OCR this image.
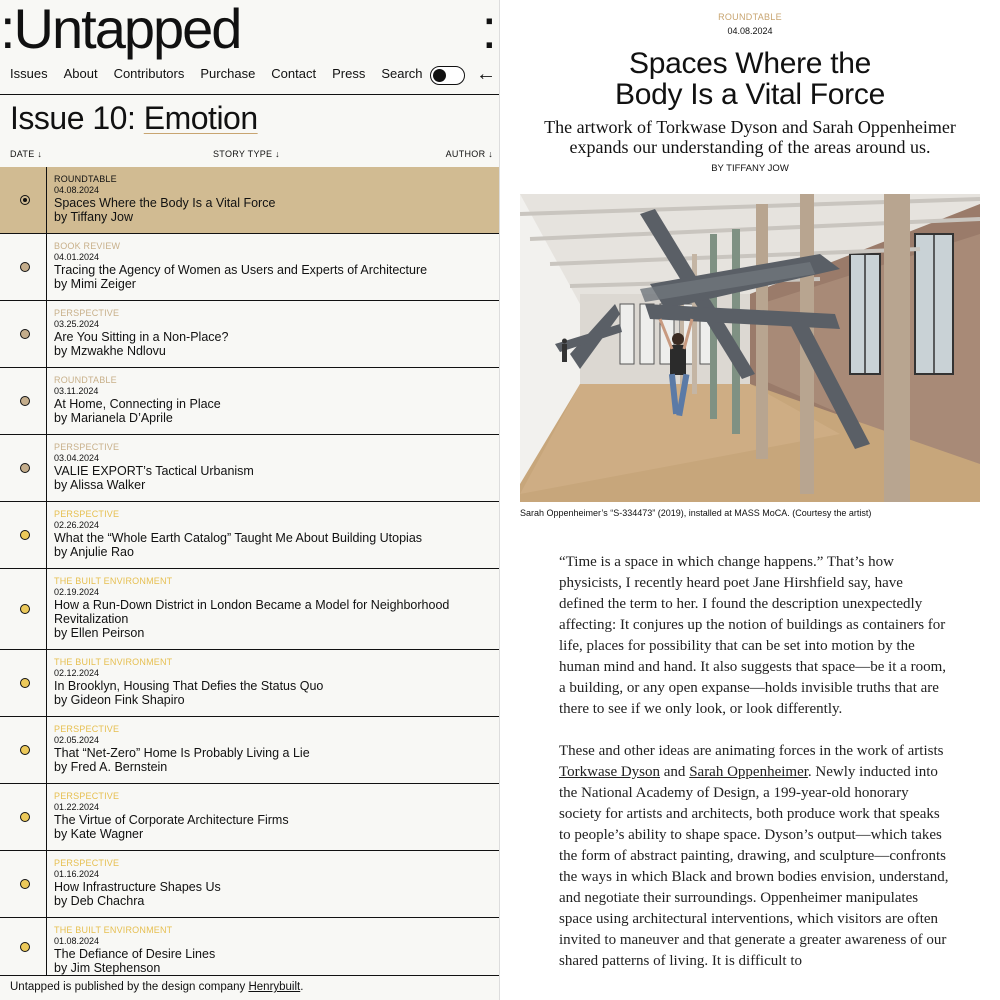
:Untapped	:
Issues About Contributors Purchase Contact Press Search	←
Issue 10: Emotion
DATE ↓	STORY TYPE ↓	AUTHOR ↓
ROUNDTABLE
04.08.2024
Spaces Where the Body Is a Vital Force
by Tiffany Jow
BOOK REVIEW
04.01.2024
Tracing the Agency of Women as Users and Experts of Architecture
by Mimi Zeiger
PERSPECTIVE
03.25.2024
Are You Sitting in a Non-Place?
by Mzwakhe Ndlovu
ROUNDTABLE
03.11.2024
At Home, Connecting in Place
by Marianela D’Aprile
PERSPECTIVE
03.04.2024
VALIE EXPORT’s Tactical Urbanism
by Alissa Walker
PERSPECTIVE
02.26.2024
What the “Whole Earth Catalog” Taught Me About Building Utopias
by Anjulie Rao
THE BUILT ENVIRONMENT
02.19.2024
How a Run-Down District in London Became a Model for Neighborhood Revitalization
by Ellen Peirson
THE BUILT ENVIRONMENT
02.12.2024
In Brooklyn, Housing That Defies the Status Quo
by Gideon Fink Shapiro
PERSPECTIVE
02.05.2024
That “Net-Zero” Home Is Probably Living a Lie
by Fred A. Bernstein
PERSPECTIVE
01.22.2024
The Virtue of Corporate Architecture Firms
by Kate Wagner
PERSPECTIVE
01.16.2024
How Infrastructure Shapes Us
by Deb Chachra
THE BUILT ENVIRONMENT
01.08.2024
The Defiance of Desire Lines
by Jim Stephenson
Untapped is published by the design company Henrybuilt.
ROUNDTABLE
04.08.2024
Spaces Where the
Body Is a Vital Force
The artwork of Torkwase Dyson and Sarah Oppenheimer expands our understanding of the areas around us.
BY TIFFANY JOW
Sarah Oppenheimer’s “S-334473” (2019), installed at MASS MoCA. (Courtesy the artist)

“Time is a space in which change happens.” That’s how physicists, I recently heard poet Jane Hirshfield say, have defined the term to her. I found the description unexpectedly affecting: It conjures up the notion of buildings as containers for life, places for possibility that can be set into motion by the human mind and hand. It also suggests that space—be it a room, a building, or any open expanse—holds invisible truths that are there to see if we only look, or look differently.

These and other ideas are animating forces in the work of artists Torkwase Dyson and Sarah Oppenheimer. Newly inducted into the National Academy of Design, a 199-year-old honorary society for artists and architects, both produce work that speaks to people’s ability to shape space. Dyson’s output—which takes the form of abstract painting, drawing, and sculpture—confronts the ways in which Black and brown bodies envision, understand, and negotiate their surroundings. Oppenheimer manipulates space using architectural interventions, which visitors are often invited to maneuver and that generate a greater awareness of our shared patterns of living. It is difficult to
